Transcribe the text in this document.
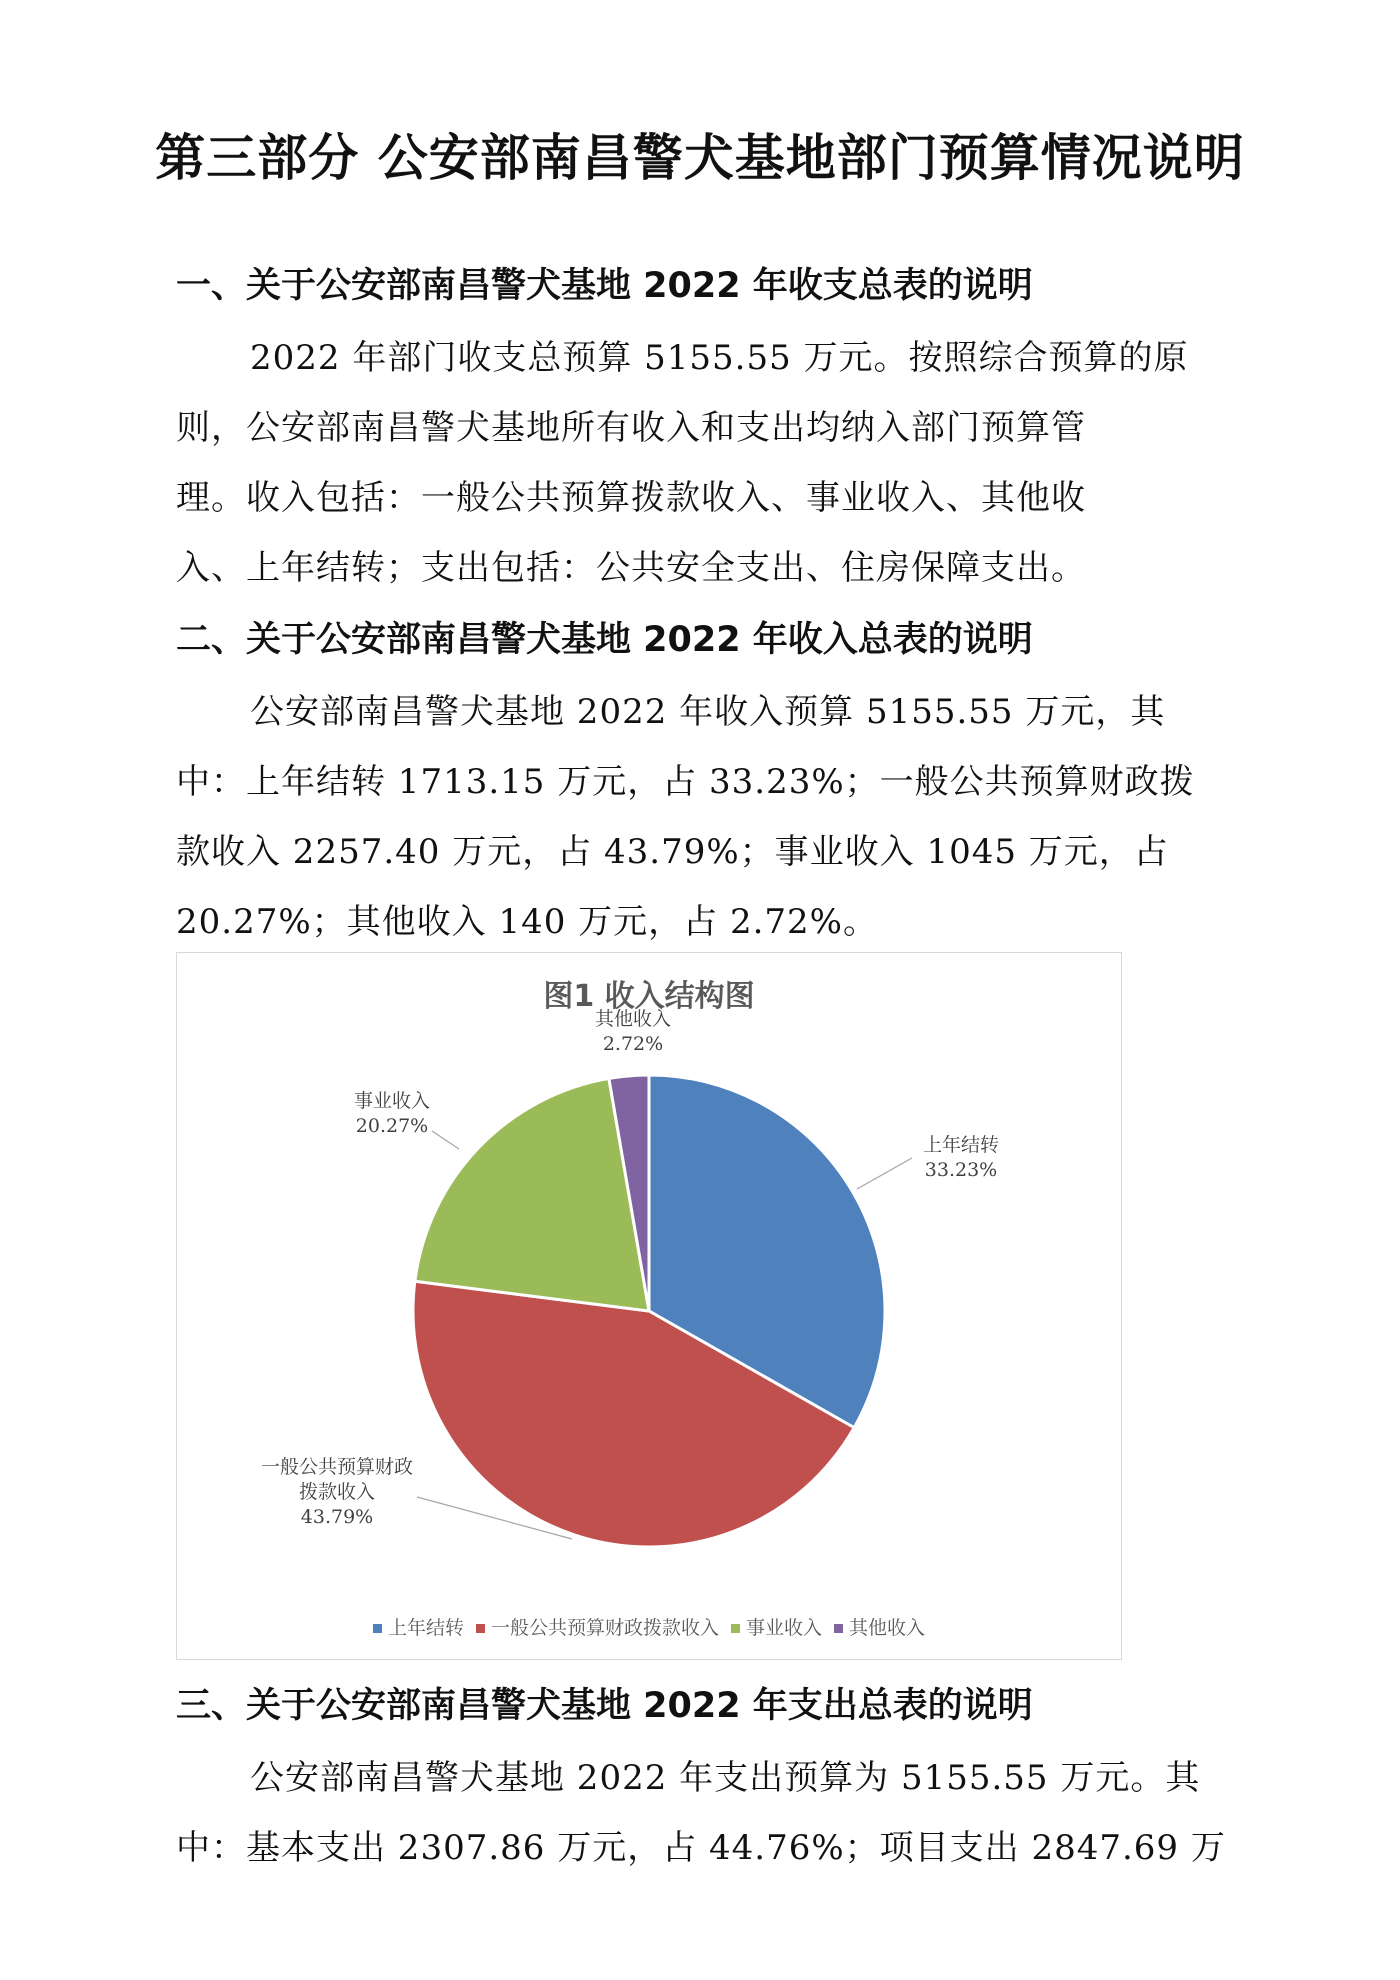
第三部分 公安部南昌警犬基地部门预算情况说明
一、关于公安部南昌警犬基地 2022 年收支总表的说明
2022 年部门收支总预算 5155.55 万元。按照综合预算的原
则，公安部南昌警犬基地所有收入和支出均纳入部门预算管
理。收入包括：一般公共预算拨款收入、事业收入、其他收
入、上年结转；支出包括：公共安全支出、住房保障支出。
二、关于公安部南昌警犬基地 2022 年收入总表的说明
公安部南昌警犬基地 2022 年收入预算 5155.55 万元，其
中：上年结转 1713.15 万元，占 33.23%；一般公共预算财政拨
款收入 2257.40 万元，占 43.79%；事业收入 1045 万元，占
20.27%；其他收入 140 万元，占 2.72%。
图1 收入结构图
上年结转 33.23%
一般公共预算财政拨款收入 43.79%
事业收入 20.27%
其他收入 2.72%
上年结转 一般公共预算财政拨款收入 事业收入 其他收入
三、关于公安部南昌警犬基地 2022 年支出总表的说明
公安部南昌警犬基地 2022 年支出预算为 5155.55 万元。其
中：基本支出 2307.86 万元，占 44.76%；项目支出 2847.69 万
